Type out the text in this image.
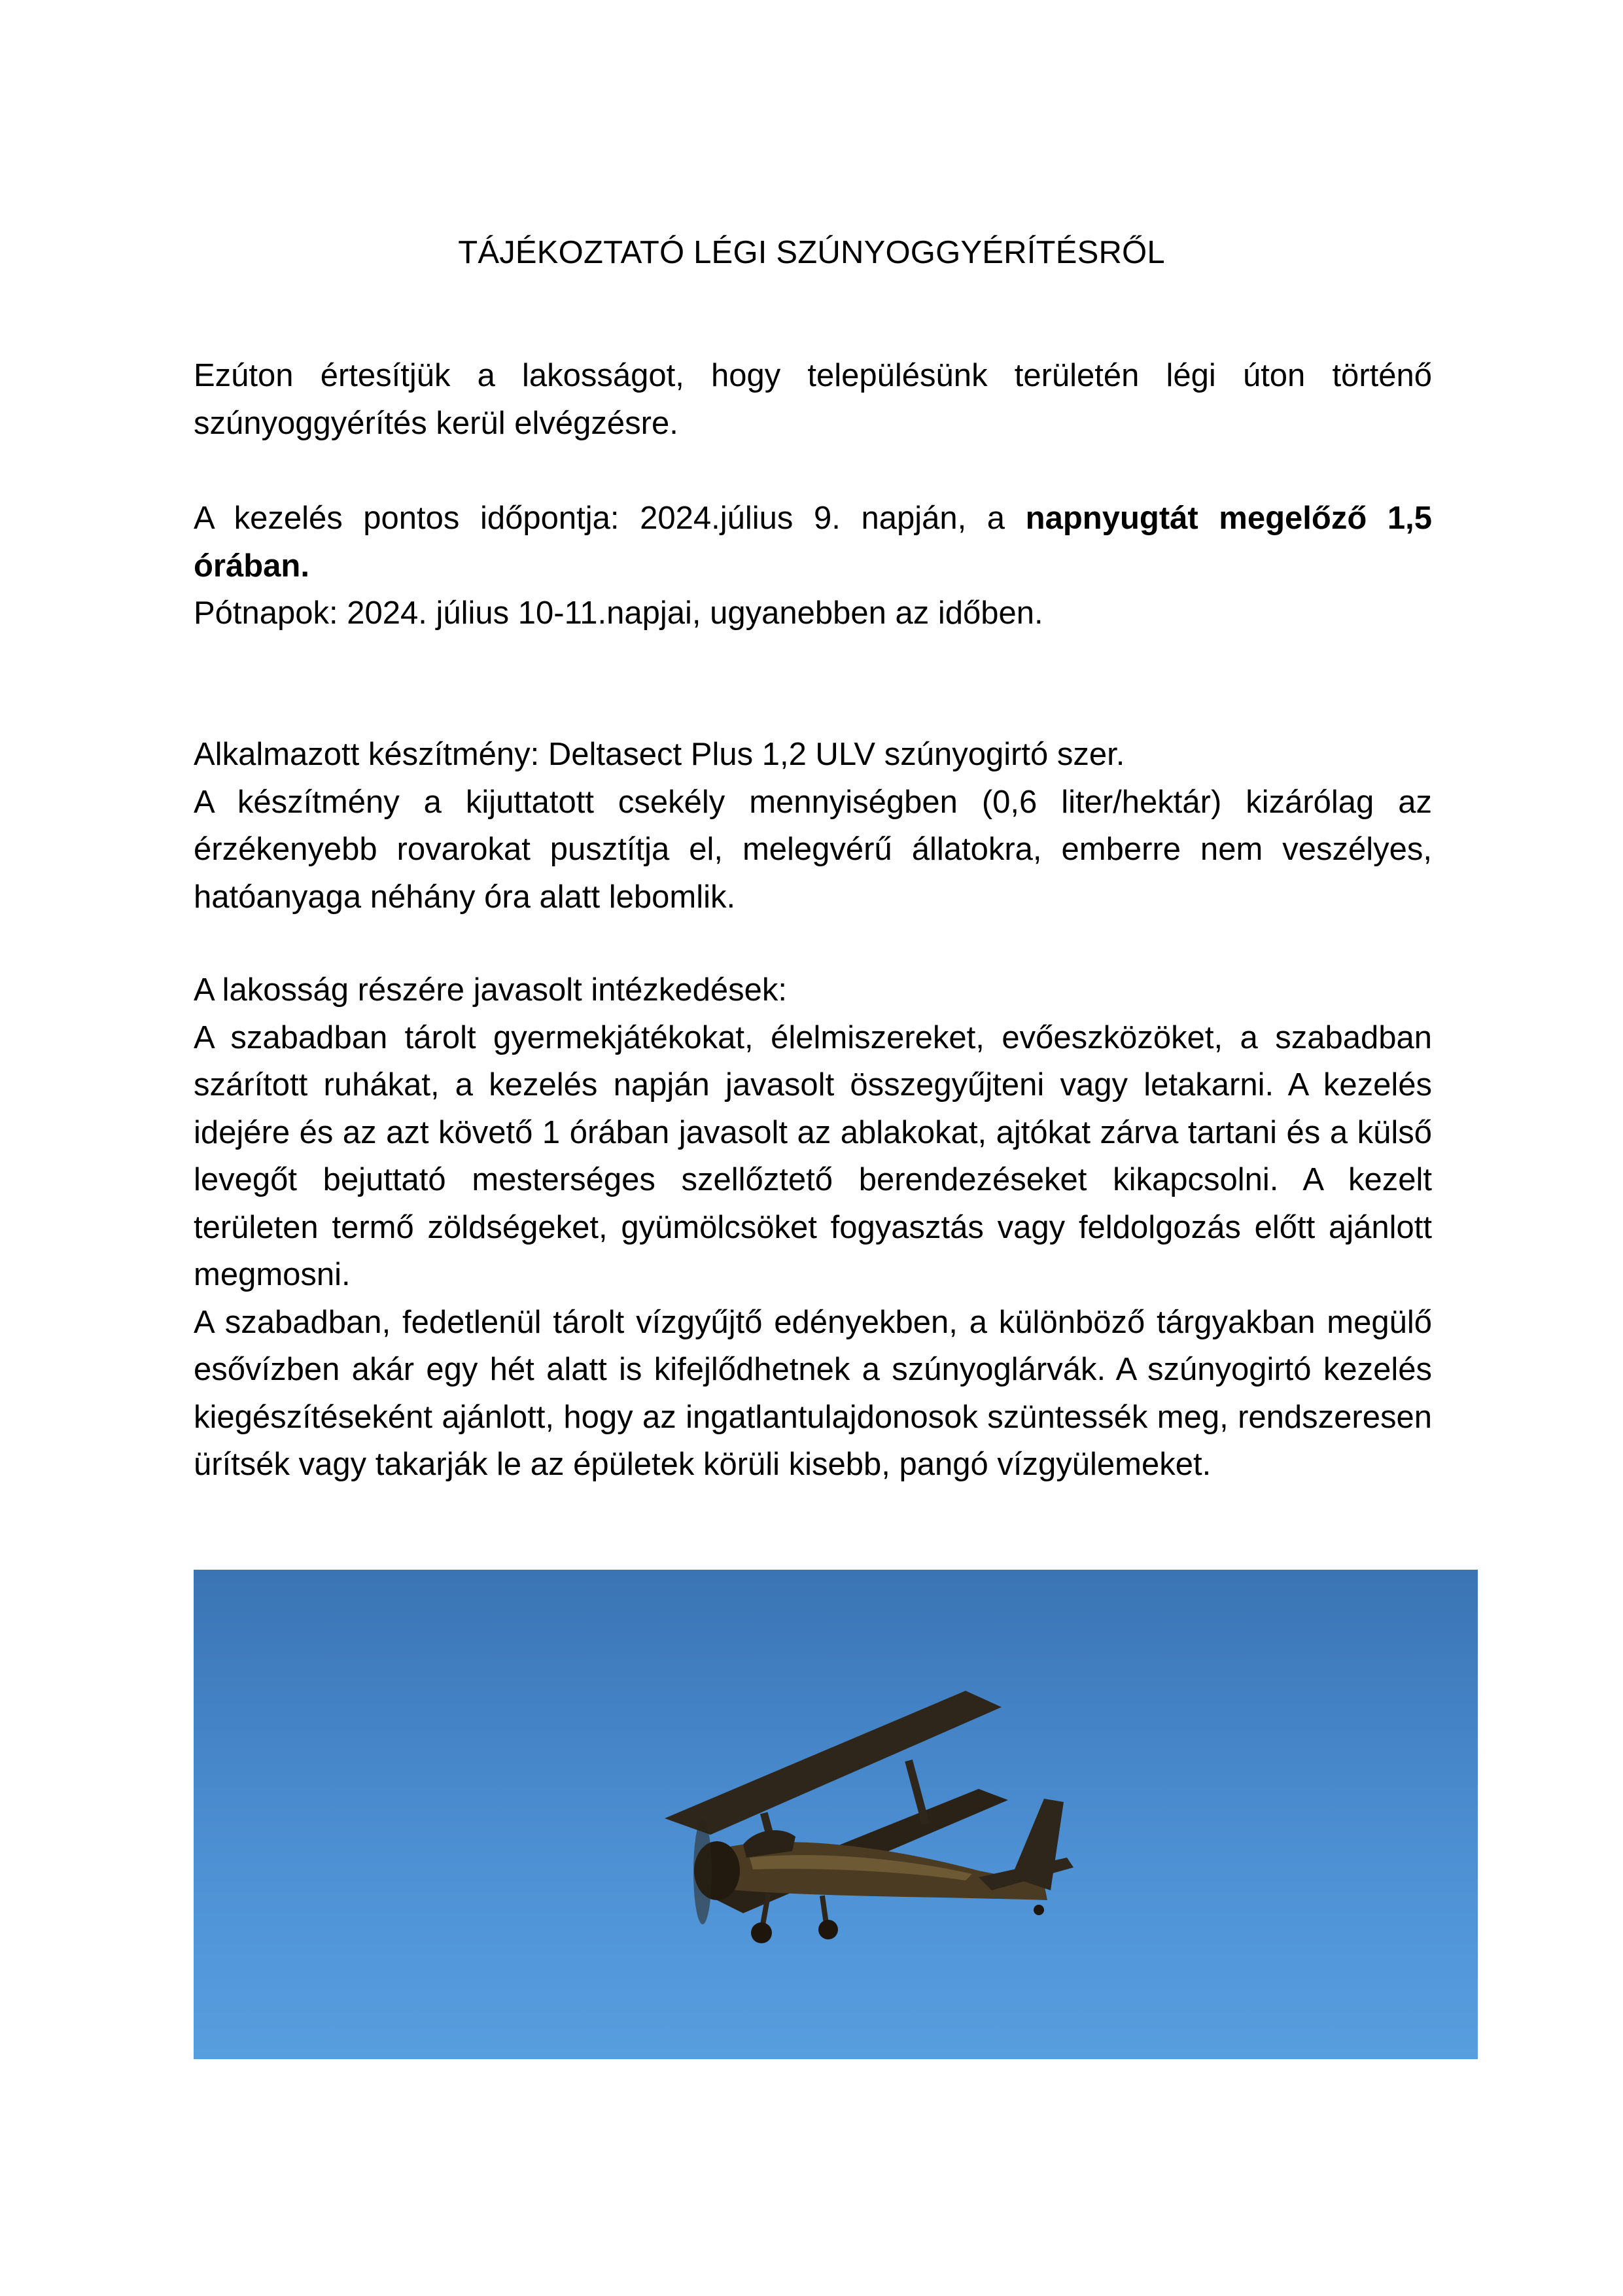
TÁJÉKOZTATÓ LÉGI SZÚNYOGGYÉRÍTÉSRŐL

Ezúton értesítjük a lakosságot, hogy településünk területén légi úton történő szúnyoggyérítés kerül elvégzésre.

A kezelés pontos időpontja: 2024.július 9. napján, a napnyugtát megelőző 1,5 órában.

Pótnapok: 2024. július 10-11.napjai, ugyanebben az időben.

Alkalmazott készítmény: Deltasect Plus 1,2 ULV szúnyogirtó szer.

A készítmény a kijuttatott csekély mennyiségben (0,6 liter/hektár) kizárólag az érzékenyebb rovarokat pusztítja el, melegvérű állatokra, emberre nem veszélyes, hatóanyaga néhány óra alatt lebomlik.

A lakosság részére javasolt intézkedések:

A szabadban tárolt gyermekjátékokat, élelmiszereket, evőeszközöket, a szabadban szárított ruhákat, a kezelés napján javasolt összegyűjteni vagy letakarni. A kezelés idejére és az azt követő 1 órában javasolt az ablakokat, ajtókat zárva tartani és a külső levegőt bejuttató mesterséges szellőztető berendezéseket kikapcsolni. A kezelt területen termő zöldségeket, gyümölcsöket fogyasztás vagy feldolgozás előtt ajánlott megmosni.

A szabadban, fedetlenül tárolt vízgyűjtő edényekben, a különböző tárgyakban megülő esővízben akár egy hét alatt is kifejlődhetnek a szúnyoglárvák. A szúnyogirtó kezelés kiegészítéseként ajánlott, hogy az ingatlantulajdonosok szüntessék meg, rendszeresen ürítsék vagy takarják le az épületek körüli kisebb, pangó vízgyülemeket.
